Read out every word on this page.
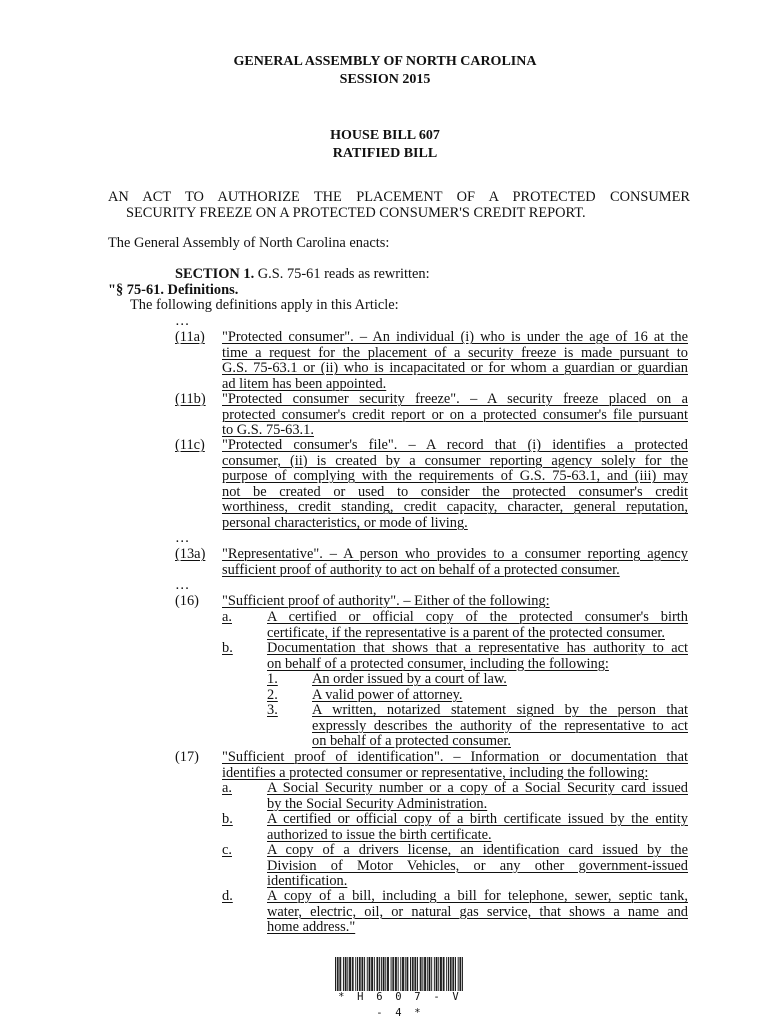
GENERAL ASSEMBLY OF NORTH CAROLINA
SESSION 2015
HOUSE BILL 607
RATIFIED BILL
AN ACT TO AUTHORIZE THE PLACEMENT OF A PROTECTED CONSUMER
SECURITY FREEZE ON A PROTECTED CONSUMER'S CREDIT REPORT.
The General Assembly of North Carolina enacts:
SECTION 1. G.S. 75-61 reads as rewritten:
"§ 75-61. Definitions.
The following definitions apply in this Article:
…
(11a) "Protected consumer". – An individual (i) who is under the age of 16 at the
time a request for the placement of a security freeze is made pursuant to
G.S. 75-63.1 or (ii) who is incapacitated or for whom a guardian or guardian
ad litem has been appointed.
(11b) "Protected consumer security freeze". – A security freeze placed on a
protected consumer's credit report or on a protected consumer's file pursuant
to G.S. 75-63.1.
(11c) "Protected consumer's file". – A record that (i) identifies a protected
consumer, (ii) is created by a consumer reporting agency solely for the
purpose of complying with the requirements of G.S. 75-63.1, and (iii) may
not be created or used to consider the protected consumer's credit
worthiness, credit standing, credit capacity, character, general reputation,
personal characteristics, or mode of living.
…
(13a) "Representative". – A person who provides to a consumer reporting agency
sufficient proof of authority to act on behalf of a protected consumer.
…
(16) "Sufficient proof of authority". – Either of the following:
a. A certified or official copy of the protected consumer's birth
certificate, if the representative is a parent of the protected consumer.
b. Documentation that shows that a representative has authority to act
on behalf of a protected consumer, including the following:
1. An order issued by a court of law.
2. A valid power of attorney.
3. A written, notarized statement signed by the person that
expressly describes the authority of the representative to act
on behalf of a protected consumer.
(17) "Sufficient proof of identification". – Information or documentation that
identifies a protected consumer or representative, including the following:
a. A Social Security number or a copy of a Social Security card issued
by the Social Security Administration.
b. A certified or official copy of a birth certificate issued by the entity
authorized to issue the birth certificate.
c. A copy of a drivers license, an identification card issued by the
Division of Motor Vehicles, or any other government-issued
identification.
d. A copy of a bill, including a bill for telephone, sewer, septic tank,
water, electric, oil, or natural gas service, that shows a name and
home address."
* H 6 0 7 - V - 4 *
